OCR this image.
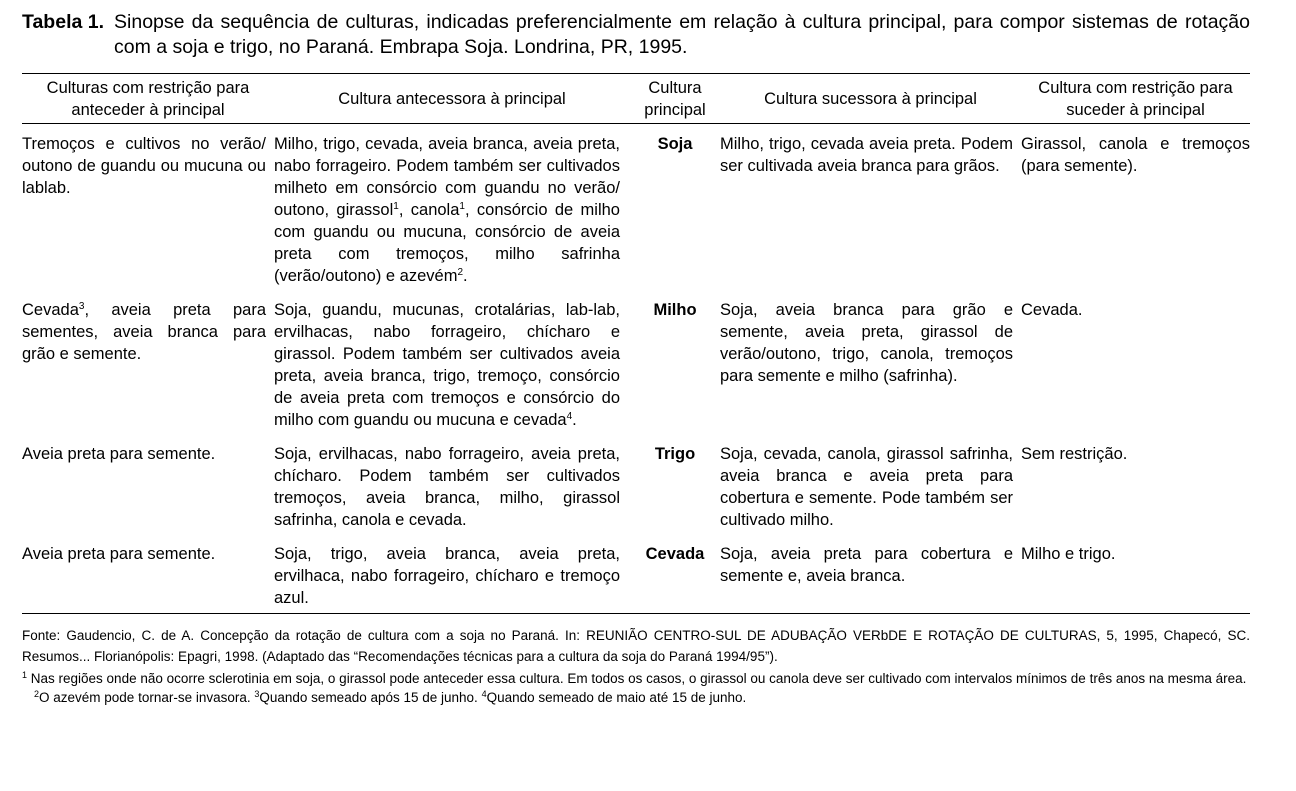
Tabela 1. Sinopse da sequência de culturas, indicadas preferencialmente em relação à cultura principal, para compor sistemas de rotação com a soja e trigo, no Paraná. Embrapa Soja. Londrina, PR, 1995.
Culturas com restrição para anteceder à principal	Cultura antecessora à principal	Cultura principal	Cultura sucessora à principal	Cultura com restrição para suceder à principal
Tremoços e cultivos no verão/ outono de guandu ou mucuna ou lablab.	Milho, trigo, cevada, aveia branca, aveia preta, nabo forrageiro. Podem também ser cultivados milheto em consórcio com guandu no verão/ outono, girassol$^1$, canola$^1$, consórcio de milho com guandu ou mucuna, consórcio de aveia preta com tremoços, milho safrinha (verão/outono) e azevém$^2$.	Soja	Milho, trigo, cevada aveia preta. Podem ser cultivada aveia branca para grãos.	Girassol, canola e tremoços (para semente).
Cevada$^3$, aveia preta para sementes, aveia branca para grão e semente.	Soja, guandu, mucunas, crotalárias, lab-lab, ervilhacas, nabo forrageiro, chícharo e girassol. Podem também ser cultivados aveia preta, aveia branca, trigo, tremoço, consórcio de aveia preta com tremoços e consórcio do milho com guandu ou mucuna e cevada$^4$.	Milho	Soja, aveia branca para grão e semente, aveia preta, girassol de verão/outono, trigo, canola, tremoços para semente e milho (safrinha).	Cevada.
Aveia preta para semente.	Soja, ervilhacas, nabo forrageiro, aveia preta, chícharo. Podem também ser cultivados tremoços, aveia branca, milho, girassol safrinha, canola e cevada.	Trigo	Soja, cevada, canola, girassol safrinha, aveia branca e aveia preta para cobertura e semente. Pode também ser cultivado milho.	Sem restrição.
Aveia preta para semente.	Soja, trigo, aveia branca, aveia preta, ervilhaca, nabo forrageiro, chícharo e tremoço azul.	Cevada	Soja, aveia preta para cobertura e semente e, aveia branca.	Milho e trigo.
Fonte: Gaudencio, C. de A. Concepção da rotação de cultura com a soja no Paraná. In: REUNIÃO CENTRO-SUL DE ADUBAÇÃO VERbDE E ROTAÇÃO DE CULTURAS, 5, 1995, Chapecó, SC. Resumos... Florianópolis: Epagri, 1998. (Adaptado das “Recomendações técnicas para a cultura da soja do Paraná 1994/95”).
$^1$ Nas regiões onde não ocorre sclerotinia em soja, o girassol pode anteceder essa cultura. Em todos os casos, o girassol ou canola deve ser cultivado com intervalos mínimos de três anos na mesma área. $^2$O azevém pode tornar-se invasora. $^3$Quando semeado após 15 de junho. $^4$Quando semeado de maio até 15 de junho.
